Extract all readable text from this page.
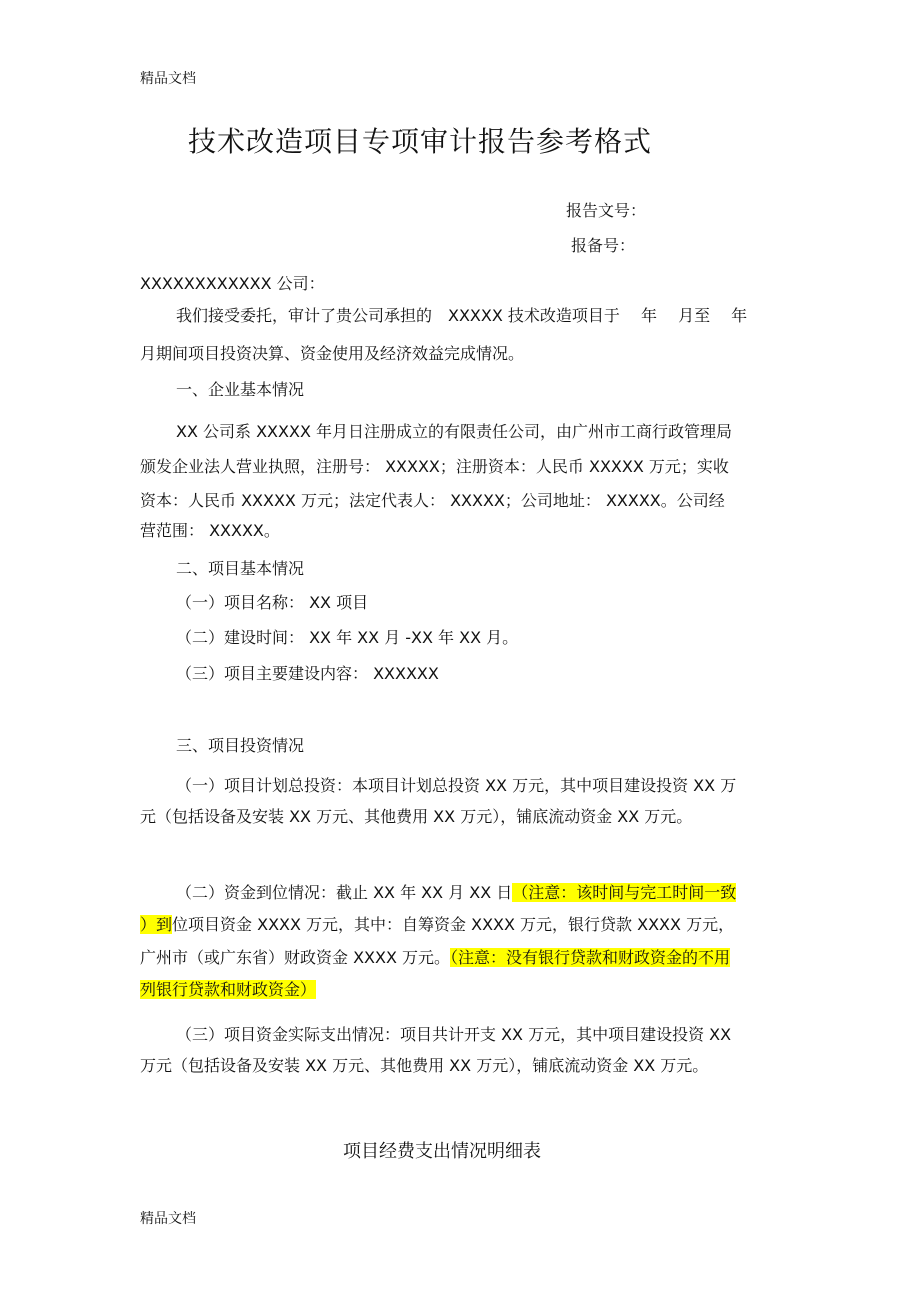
精品文档
技术改造项目专项审计报告参考格式
报告文号：
报备号：
XXXXXXXXXXXX 公司：
我们接受委托，审计了贵公司承担的　XXXXX 技术改造项目于　 年　 月至　 年
月期间项目投资决算、资金使用及经济效益完成情况。
一、企业基本情况
XX 公司系 XXXXX 年月日注册成立的有限责任公司，由广州市工商行政管理局
颁发企业法人营业执照，注册号： XXXXX；注册资本：人民币 XXXXX 万元；实收
资本：人民币 XXXXX 万元；法定代表人： XXXXX；公司地址： XXXXX。公司经
营范围： XXXXX。
二、项目基本情况
（一）项目名称： XX 项目
（二）建设时间： XX 年 XX 月 -XX 年 XX 月。
（三）项目主要建设内容： XXXXXX
三、项目投资情况
（一）项目计划总投资：本项目计划总投资 XX 万元，其中项目建设投资 XX 万
元（包括设备及安装 XX 万元、其他费用 XX 万元），铺底流动资金 XX 万元。
（二）资金到位情况：截止 XX 年 XX 月 XX 日（注意：该时间与完工时间一致
）到位项目资金 XXXX 万元，其中：自筹资金 XXXX 万元，银行贷款 XXXX 万元，
广州市（或广东省）财政资金 XXXX 万元。（注意：没有银行贷款和财政资金的不用
列银行贷款和财政资金）
（三）项目资金实际支出情况：项目共计开支 XX 万元，其中项目建设投资 XX
万元（包括设备及安装 XX 万元、其他费用 XX 万元），铺底流动资金 XX 万元。
项目经费支出情况明细表
精品文档
